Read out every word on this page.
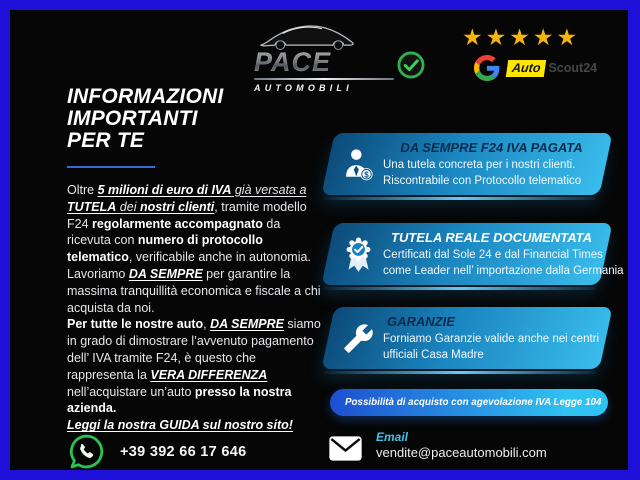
PACE
AUTOMOBILI
★★★★★
Auto Scout24
INFORMAZIONI
IMPORTANTI
PER TE
Oltre 5 milioni di euro di IVA già versata a TUTELA dei nostri clienti, tramite modello F24 regolarmente accompagnato da ricevuta con numero di protocollo telematico, verificabile anche in autonomia. Lavoriamo DA SEMPRE per garantire la massima tranquillità economica e fiscale a chi acquista da noi.
Per tutte le nostre auto, DA SEMPRE siamo in grado di dimostrare l’avvenuto pagamento dell’ IVA tramite F24, è questo che rappresenta la VERA DIFFERENZA nell’acquistare un’auto presso la nostra azienda.
Leggi la nostra GUIDA sul nostro sito!
$
DA SEMPRE F24 IVA PAGATA
Una tutela concreta per i nostri clienti.
Riscontrabile con Protocollo telematico
TUTELA REALE DOCUMENTATA
Certificati dal Sole 24 e dal Financial Times
come Leader nell’ importazione dalla Germania
GARANZIE
Forniamo Garanzie valide anche nei centri
ufficiali Casa Madre
Possibilità di acquisto con agevolazione IVA Legge 104
+39 392 66 17 646
Email
vendite@paceautomobili.com
